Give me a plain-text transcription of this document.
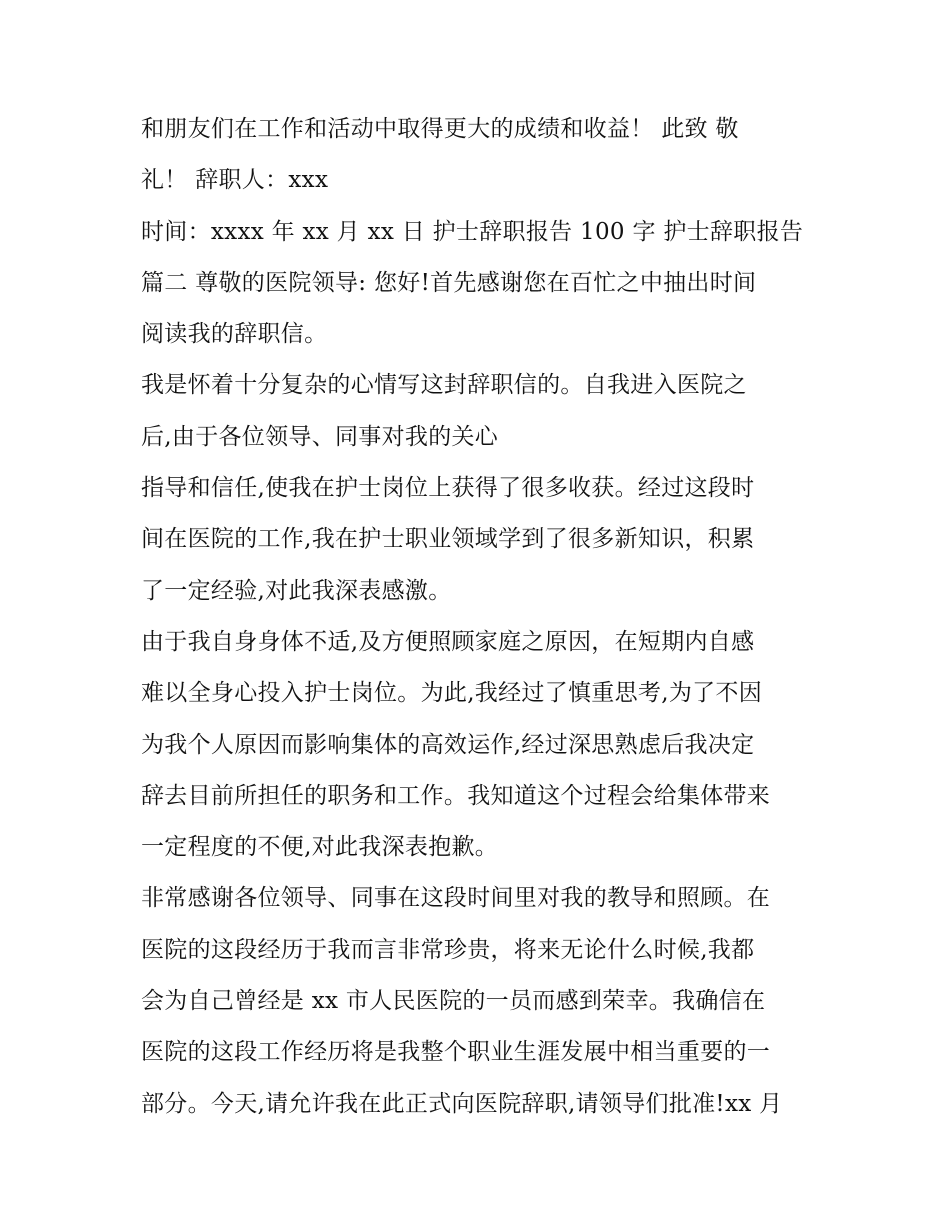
和朋友们在工作和活动中取得更大的成绩和收益！ 此致 敬
礼！ 辞职人：xxx
时间：xxxx 年 xx 月 xx 日 护士辞职报告 100 字 护士辞职报告
篇二 尊敬的医院领导: 您好!首先感谢您在百忙之中抽出时间
阅读我的辞职信。
我是怀着十分复杂的心情写这封辞职信的。自我进入医院之
后,由于各位领导、同事对我的关心
指导和信任,使我在护士岗位上获得了很多收获。经过这段时
间在医院的工作,我在护士职业领域学到了很多新知识，积累
了一定经验,对此我深表感激。
由于我自身身体不适,及方便照顾家庭之原因，在短期内自感
难以全身心投入护士岗位。为此,我经过了慎重思考,为了不因
为我个人原因而影响集体的高效运作,经过深思熟虑后我决定
辞去目前所担任的职务和工作。我知道这个过程会给集体带来
一定程度的不便,对此我深表抱歉。
非常感谢各位领导、同事在这段时间里对我的教导和照顾。在
医院的这段经历于我而言非常珍贵，将来无论什么时候,我都
会为自己曾经是 xx 市人民医院的一员而感到荣幸。我确信在
医院的这段工作经历将是我整个职业生涯发展中相当重要的一
部分。今天,请允许我在此正式向医院辞职,请领导们批准!xx 月
